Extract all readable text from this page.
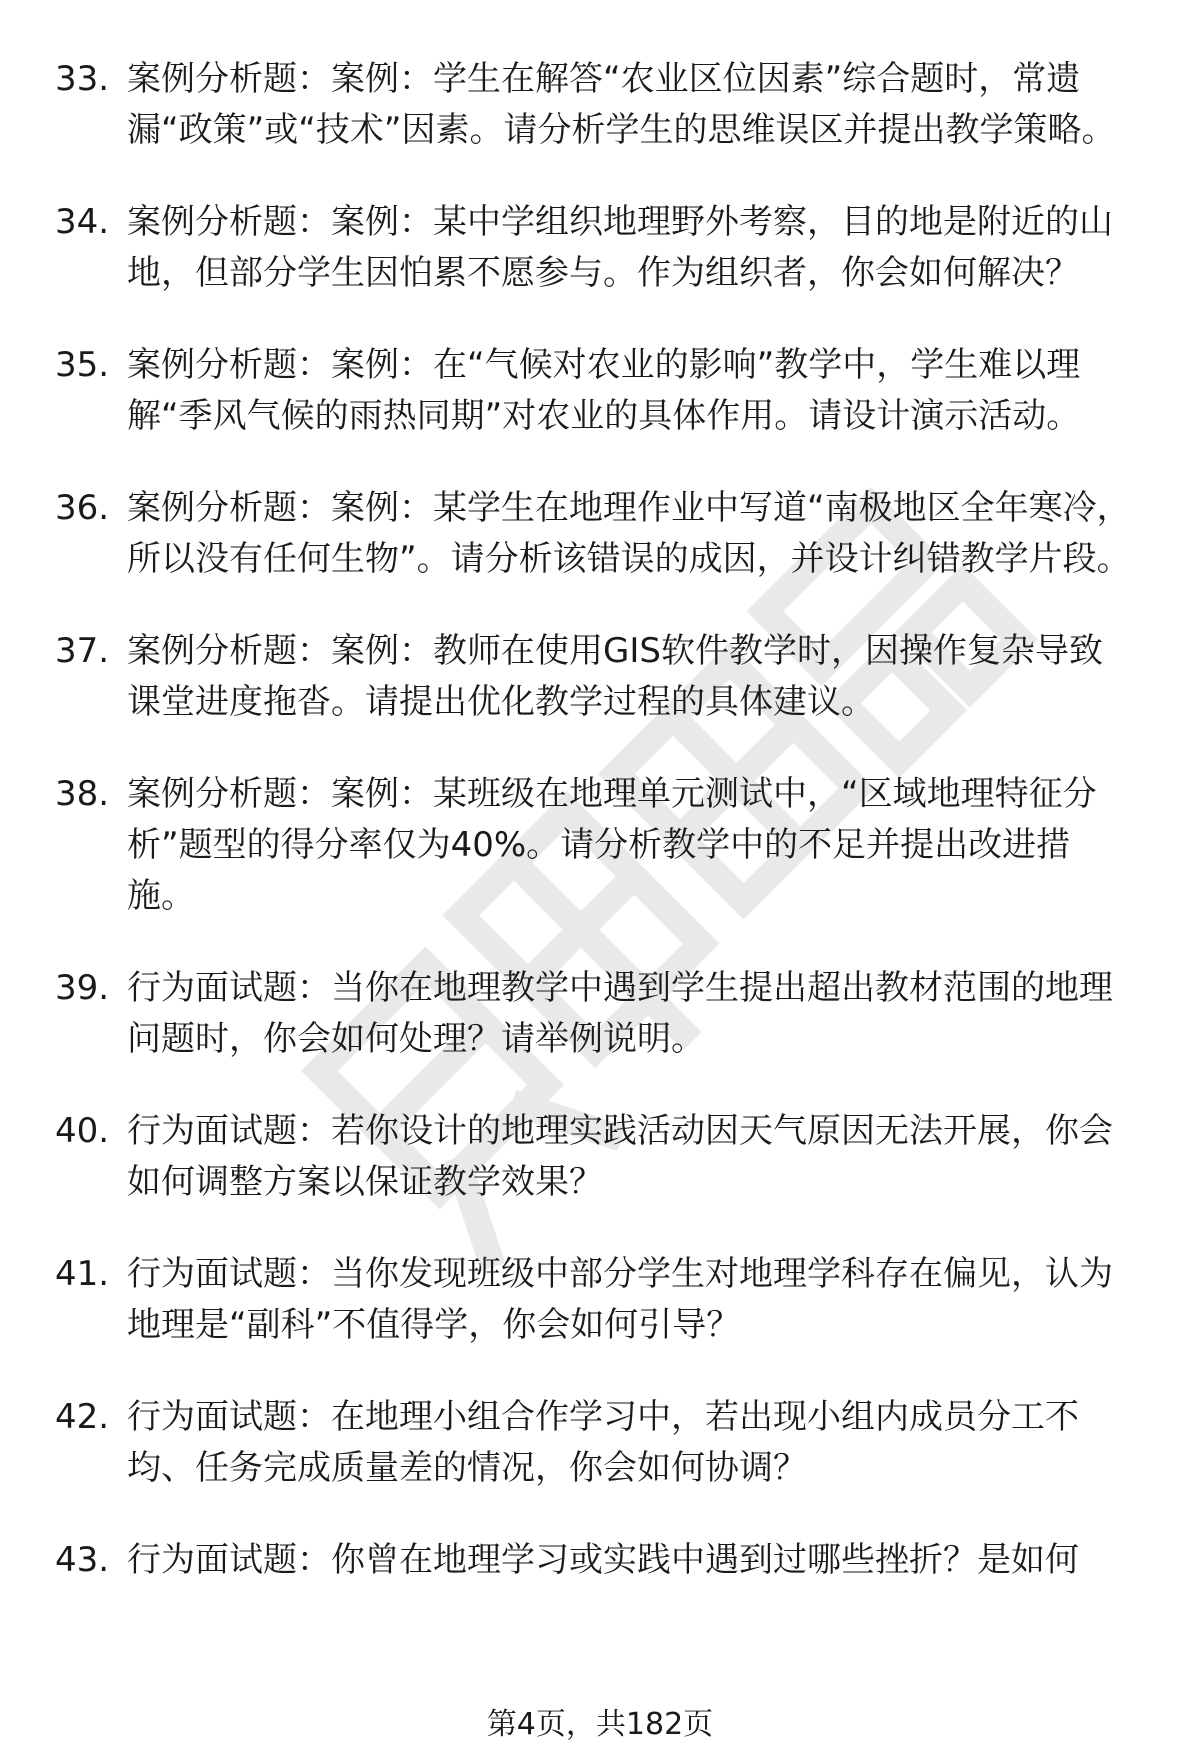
33. 案例分析题：案例：学生在解答“农业区位因素”综合题时，常遗漏“政策”或“技术”因素。请分析学生的思维误区并提出教学策略。
34. 案例分析题：案例：某中学组织地理野外考察，目的地是附近的山地，但部分学生因怕累不愿参与。作为组织者，你会如何解决？
35. 案例分析题：案例：在“气候对农业的影响”教学中，学生难以理解“季风气候的雨热同期”对农业的具体作用。请设计演示活动。
36. 案例分析题：案例：某学生在地理作业中写道“南极地区全年寒冷，所以没有任何生物”。请分析该错误的成因，并设计纠错教学片段。
37. 案例分析题：案例：教师在使用GIS软件教学时，因操作复杂导致课堂进度拖沓。请提出优化教学过程的具体建议。
38. 案例分析题：案例：某班级在地理单元测试中，“区域地理特征分析”题型的得分率仅为40%。请分析教学中的不足并提出改进措施。
39. 行为面试题：当你在地理教学中遇到学生提出超出教材范围的地理问题时，你会如何处理？请举例说明。
40. 行为面试题：若你设计的地理实践活动因天气原因无法开展，你会如何调整方案以保证教学效果？
41. 行为面试题：当你发现班级中部分学生对地理学科存在偏见，认为地理是“副科”不值得学，你会如何引导？
42. 行为面试题：在地理小组合作学习中，若出现小组内成员分工不均、任务完成质量差的情况，你会如何协调？
43. 行为面试题：你曾在地理学习或实践中遇到过哪些挫折？是如何
第4页，共182页
